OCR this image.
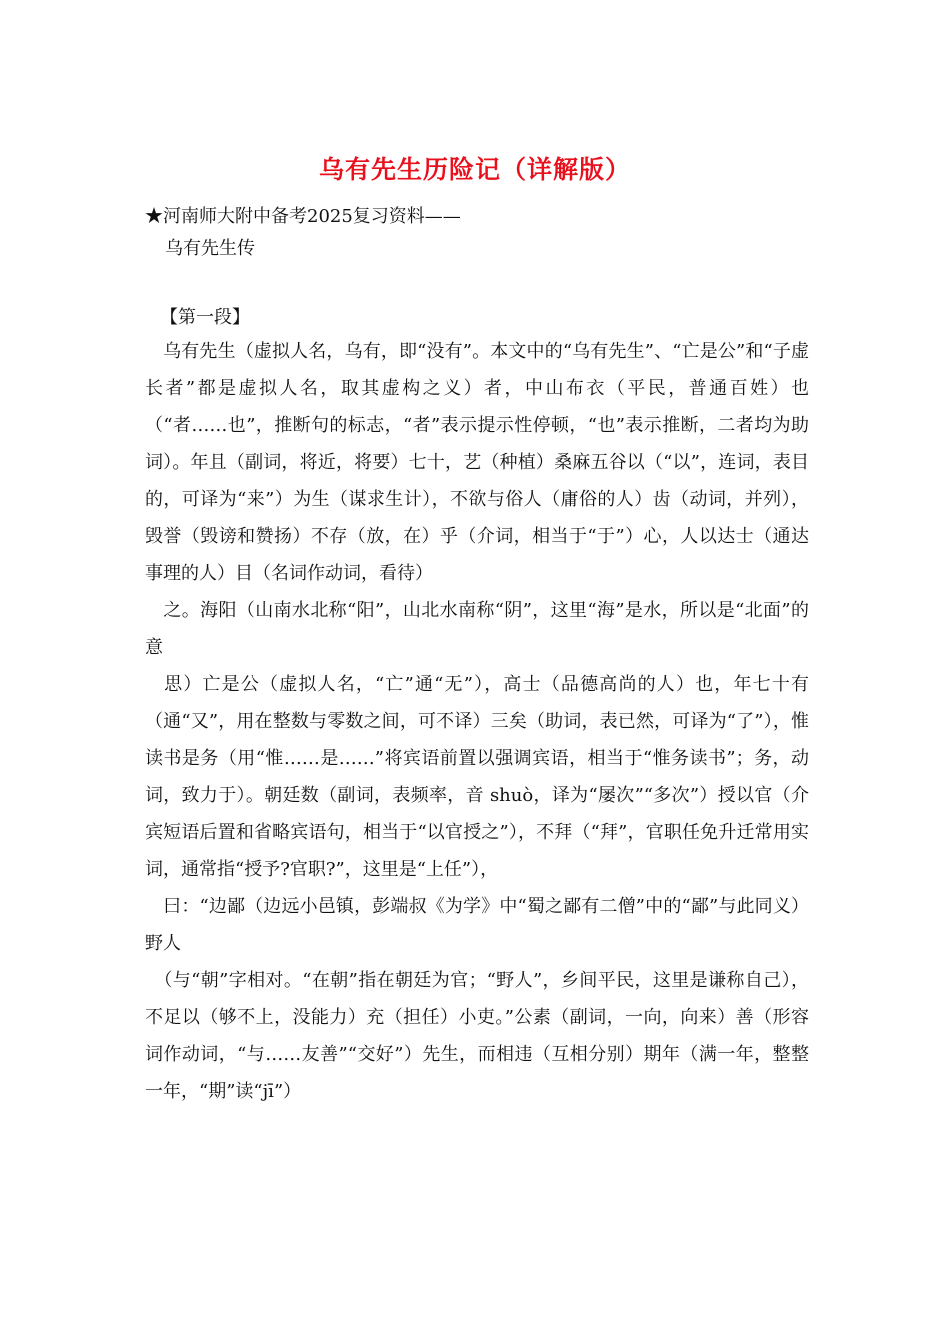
乌有先生历险记（详解版）
★河南师大附中备考2025复习资料——
乌有先生传
【第一段】

　乌有先生（虚拟人名，乌有，即“没有”。本文中的“乌有先生”、“亡是公”和“子虚长者”都是虚拟人名，取其虚构之义）者，中山布衣（平民，普通百姓）也（“者……也”，推断句的标志，“者”表示提示性停顿，“也”表示推断，二者均为助词）。年且（副词，将近，将要）七十，艺（种植）桑麻五谷以（“以”，连词，表目的，可译为“来”）为生（谋求生计），不欲与俗人（庸俗的人）齿（动词，并列），毁誉（毁谤和赞扬）不存（放，在）乎（介词，相当于“于”）心，人以达士（通达事理的人）目（名词作动词，看待）

　之。海阳（山南水北称“阳”，山北水南称“阴”，这里“海”是水，所以是“北面”的意

　思）亡是公（虚拟人名，“亡”通“无”），高士（品德高尚的人）也，年七十有（通“又”，用在整数与零数之间，可不译）三矣（助词，表已然，可译为“了”），惟读书是务（用“惟……是……”将宾语前置以强调宾语，相当于“惟务读书”；务，动词，致力于）。朝廷数（副词，表频率，音 shuò，译为“屡次”“多次”）授以官（介宾短语后置和省略宾语句，相当于“以官授之”），不拜（“拜”，官职任免升迁常用实词，通常指“授予?官职?”，这里是“上任”），

　曰：“边鄙（边远小邑镇，彭端叔《为学》中“蜀之鄙有二僧”中的“鄙”与此同义）野人

　（与“朝”字相对。“在朝”指在朝廷为官；“野人”，乡间平民，这里是谦称自己），不足以（够不上，没能力）充（担任）小吏。”公素（副词，一向，向来）善（形容词作动词，“与……友善”“交好”）先生，而相违（互相分别）期年（满一年，整整一年，“期”读“jī”）
